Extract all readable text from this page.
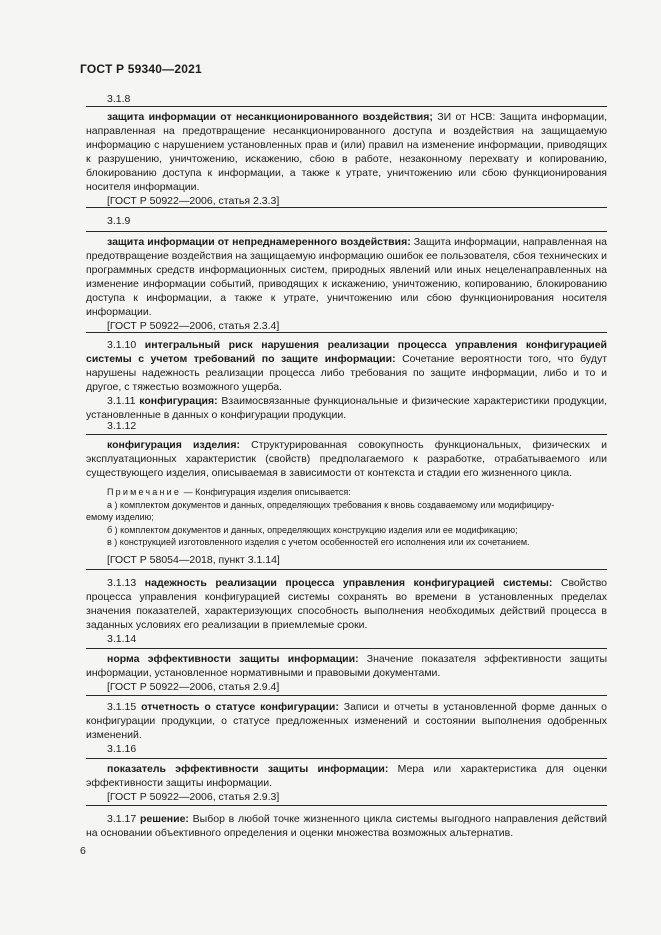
ГОСТ Р 59340—2021
3.1.8

защита информации от несанкционированного воздействия; ЗИ от НСВ: Защита информации, направленная на предотвращение несанкционированного доступа и воздействия на защищаемую информацию с нарушением установленных прав и (или) правил на изменение информации, приводящих к разрушению, уничтожению, искажению, сбою в работе, незаконному перехвату и копированию, блокированию доступа к информации, а также к утрате, уничтожению или сбою функционирования носителя информации.

[ГОСТ Р 50922—2006, статья 2.3.3]

3.1.9

защита информации от непреднамеренного воздействия: Защита информации, направленная на предотвращение воздействия на защищаемую информацию ошибок ее пользователя, сбоя технических и программных средств информационных систем, природных явлений или иных нецеленаправленных на изменение информации событий, приводящих к искажению, уничтожению, копированию, блокированию доступа к информации, а также к утрате, уничтожению или сбою функционирования носителя информации.

[ГОСТ Р 50922—2006, статья 2.3.4]

3.1.10 интегральный риск нарушения реализации процесса управления конфигурацией системы с учетом требований по защите информации: Сочетание вероятности того, что будут нарушены надежность реализации процесса либо требования по защите информации, либо и то и другое, с тяжестью возможного ущерба.

3.1.11 конфигурация: Взаимосвязанные функциональные и физические характеристики продукции, установленные в данных о конфигурации продукции.

3.1.12

конфигурация изделия: Структурированная совокупность функциональных, физических и эксплуатационных характеристик (свойств) предполагаемого к разработке, отрабатываемого или существующего изделия, описываемая в зависимости от контекста и стадии его жизненного цикла.

Примечание — Конфигурация изделия описывается:

а ) комплектом документов и данных, определяющих требования к вновь создаваемому или модифициру-

емому изделию;

б ) комплектом документов и данных, определяющих конструкцию изделия или ее модификацию;

в ) конструкцией изготовленного изделия с учетом особенностей его исполнения или их сочетанием.

[ГОСТ Р 58054—2018, пункт 3.1.14]

3.1.13 надежность реализации процесса управления конфигурацией системы: Свойство процесса управления конфигурацией системы сохранять во времени в установленных пределах значения показателей, характеризующих способность выполнения необходимых действий процесса в заданных условиях его реализации в приемлемые сроки.

3.1.14

норма эффективности защиты информации: Значение показателя эффективности защиты информации, установленное нормативными и правовыми документами.

[ГОСТ Р 50922—2006, статья 2.9.4]

3.1.15 отчетность о статусе конфигурации: Записи и отчеты в установленной форме данных о конфигурации продукции, о статусе предложенных изменений и состоянии выполнения одобренных изменений.

3.1.16

показатель эффективности защиты информации: Мера или характеристика для оценки эффективности защиты информации.

[ГОСТ Р 50922—2006, статья 2.9.3]

3.1.17 решение: Выбор в любой точке жизненного цикла системы выгодного направления действий на основании объективного определения и оценки множества возможных альтернатив.

6
